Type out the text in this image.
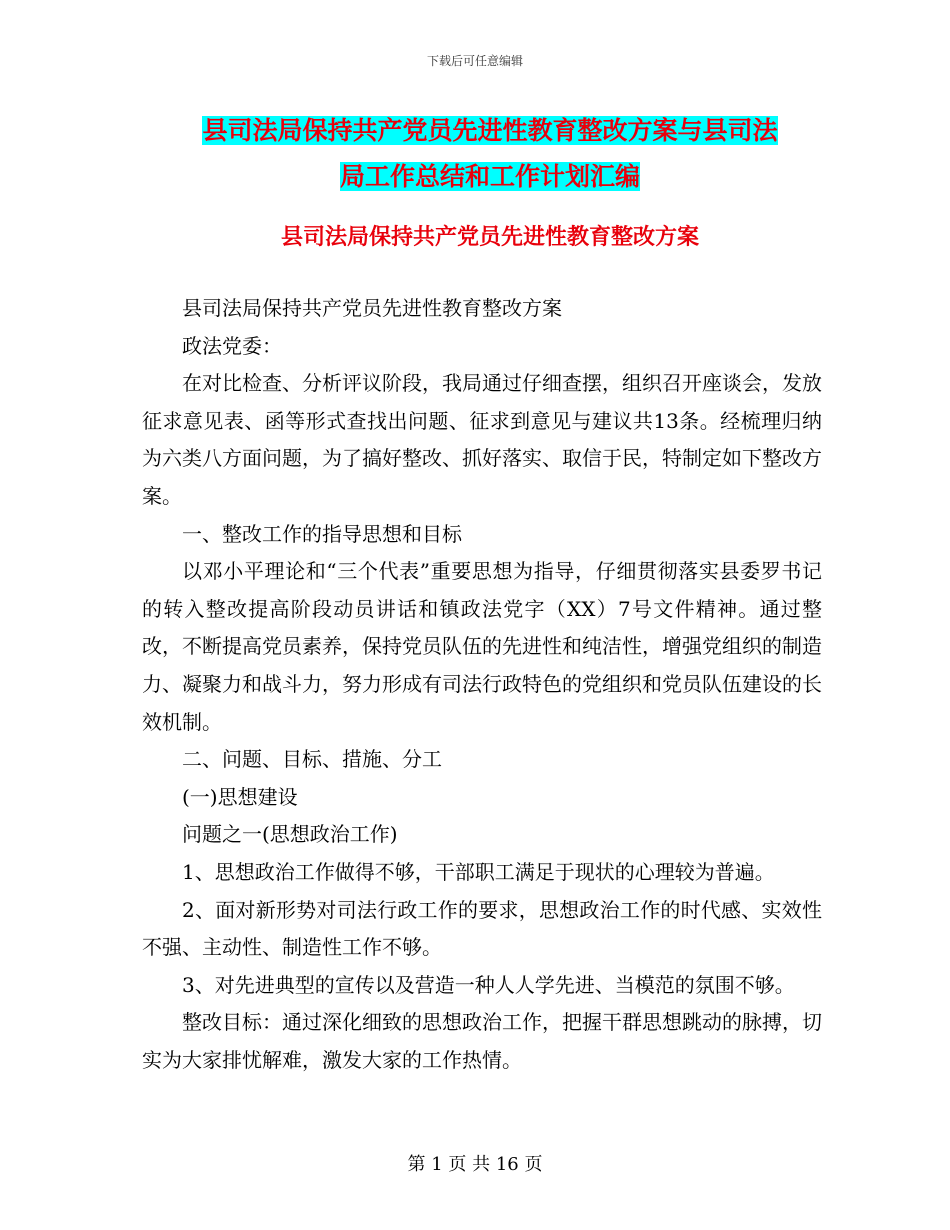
下载后可任意编辑
县司法局保持共产党员先进性教育整改方案与县司法
局工作总结和工作计划汇编
县司法局保持共产党员先进性教育整改方案

县司法局保持共产党员先进性教育整改方案

政法党委：

在对比检查、分析评议阶段，我局通过仔细查摆，组织召开座谈会，发放征求意见表、函等形式查找出问题、征求到意见与建议共13条。经梳理归纳为六类八方面问题，为了搞好整改、抓好落实、取信于民，特制定如下整改方案。

一、整改工作的指导思想和目标

以邓小平理论和“三个代表”重要思想为指导，仔细贯彻落实县委罗书记的转入整改提高阶段动员讲话和镇政法党字（XX）7号文件精神。通过整改，不断提高党员素养，保持党员队伍的先进性和纯洁性，增强党组织的制造力、凝聚力和战斗力，努力形成有司法行政特色的党组织和党员队伍建设的长效机制。

二、问题、目标、措施、分工

(一)思想建设

问题之一(思想政治工作)

1、思想政治工作做得不够，干部职工满足于现状的心理较为普遍。

2、面对新形势对司法行政工作的要求，思想政治工作的时代感、实效性不强、主动性、制造性工作不够。

3、对先进典型的宣传以及营造一种人人学先进、当模范的氛围不够。

整改目标：通过深化细致的思想政治工作，把握干群思想跳动的脉搏，切实为大家排忧解难，激发大家的工作热情。

第 1 页 共 16 页
